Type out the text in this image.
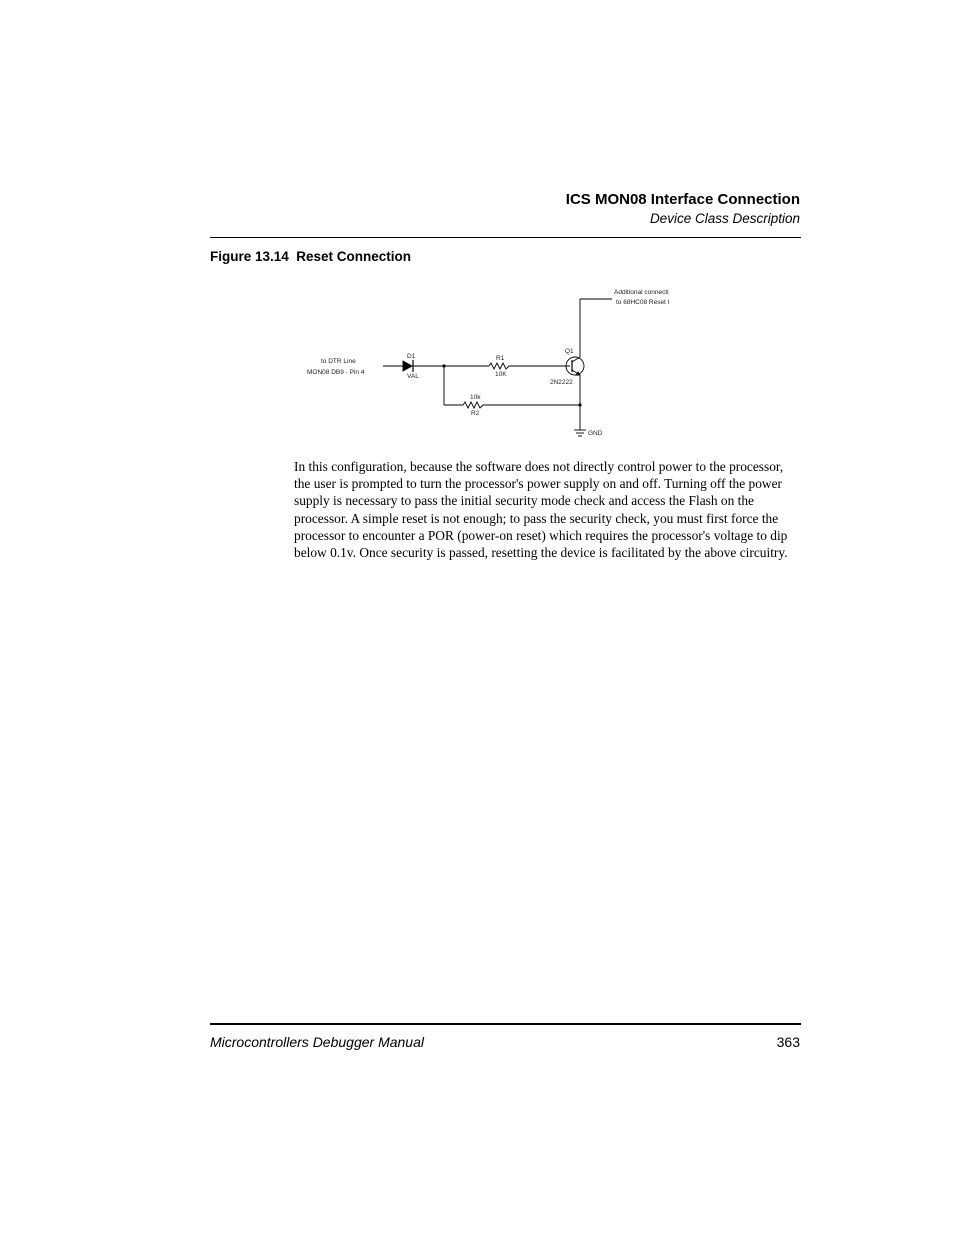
ICS MON08 Interface Connection
Device Class Description
Figure 13.14  Reset Connection
to DTR Line
MON08 DB9 - Pin 4
Additional connecti
to 68HC08 Reset l
D1
VAL
R1
10K
Q1
2N2222
10k
R2
GND

In this configuration, because the software does not directly control power to the processor, the user is prompted to turn the processor's power supply on and off. Turning off the power supply is necessary to pass the initial security mode check and access the Flash on the processor. A simple reset is not enough; to pass the security check, you must first force the processor to encounter a POR (power-on reset) which requires the processor's voltage to dip below 0.1v. Once security is passed, resetting the device is facilitated by the above circuitry.

Microcontrollers Debugger Manual	363
